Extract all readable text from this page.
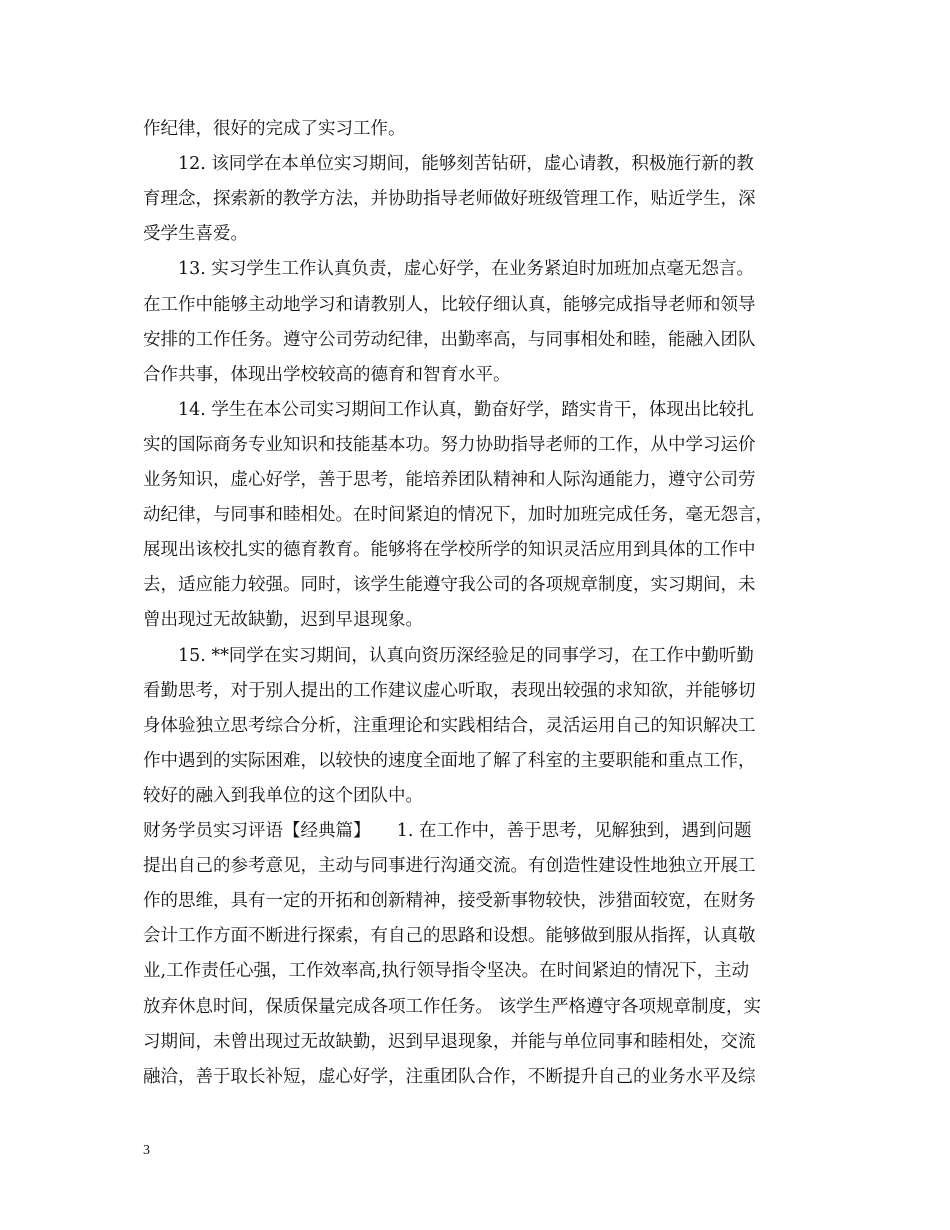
作纪律，很好的完成了实习工作。
12. 该同学在本单位实习期间，能够刻苦钻研，虚心请教，积极施行新的教
育理念，探索新的教学方法，并协助指导老师做好班级管理工作，贴近学生，深
受学生喜爱。
13. 实习学生工作认真负责，虚心好学，在业务紧迫时加班加点毫无怨言。
在工作中能够主动地学习和请教别人，比较仔细认真，能够完成指导老师和领导
安排的工作任务。遵守公司劳动纪律，出勤率高，与同事相处和睦，能融入团队
合作共事，体现出学校较高的德育和智育水平。
14. 学生在本公司实习期间工作认真，勤奋好学，踏实肯干，体现出比较扎
实的国际商务专业知识和技能基本功。努力协助指导老师的工作，从中学习运价
业务知识，虚心好学，善于思考，能培养团队精神和人际沟通能力，遵守公司劳
动纪律，与同事和睦相处。在时间紧迫的情况下，加时加班完成任务，毫无怨言，
展现出该校扎实的德育教育。能够将在学校所学的知识灵活应用到具体的工作中
去，适应能力较强。同时，该学生能遵守我公司的各项规章制度，实习期间，未
曾出现过无故缺勤，迟到早退现象。
15. **同学在实习期间，认真向资历深经验足的同事学习，在工作中勤听勤
看勤思考，对于别人提出的工作建议虚心听取，表现出较强的求知欲，并能够切
身体验独立思考综合分析，注重理论和实践相结合，灵活运用自己的知识解决工
作中遇到的实际困难，以较快的速度全面地了解了科室的主要职能和重点工作，
较好的融入到我单位的这个团队中。
财务学员实习评语【经典篇】　　1. 在工作中，善于思考，见解独到，遇到问题
提出自己的参考意见，主动与同事进行沟通交流。有创造性建设性地独立开展工
作的思维，具有一定的开拓和创新精神，接受新事物较快，涉猎面较宽，在财务
会计工作方面不断进行探索，有自己的思路和设想。能够做到服从指挥，认真敬
业,工作责任心强，工作效率高,执行领导指令坚决。在时间紧迫的情况下，主动
放弃休息时间，保质保量完成各项工作任务。 该学生严格遵守各项规章制度，实
习期间，未曾出现过无故缺勤，迟到早退现象，并能与单位同事和睦相处，交流
融洽，善于取长补短，虚心好学，注重团队合作，不断提升自己的业务水平及综
3
